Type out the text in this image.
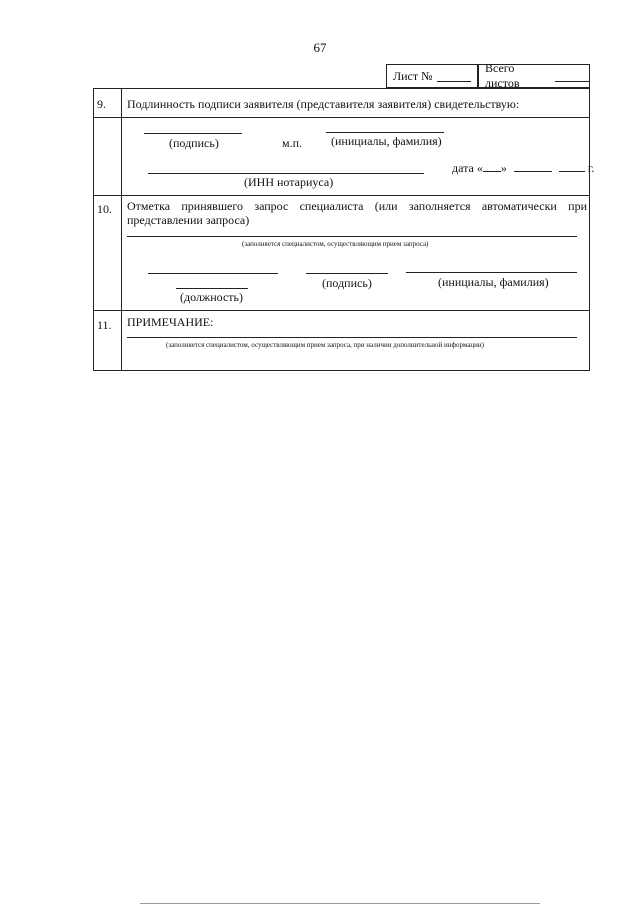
67
Лист №
Всего листов
9. Подлинность подписи заявителя (представителя заявителя) свидетельствую:
(подпись)	м.п. (инициалы, фамилия)
дата « »	г.
(ИНН нотариуса)
10. Отметка принявшего запрос специалиста (или заполняется автоматически при
представлении запроса)
(заполняется специалистом, осуществляющим прием запроса)
(подпись)	(инициалы, фамилия)
(должность)
11. ПРИМЕЧАНИЕ:
(заполняется специалистом, осуществляющим прием запроса, при наличии дополнительной информации)
